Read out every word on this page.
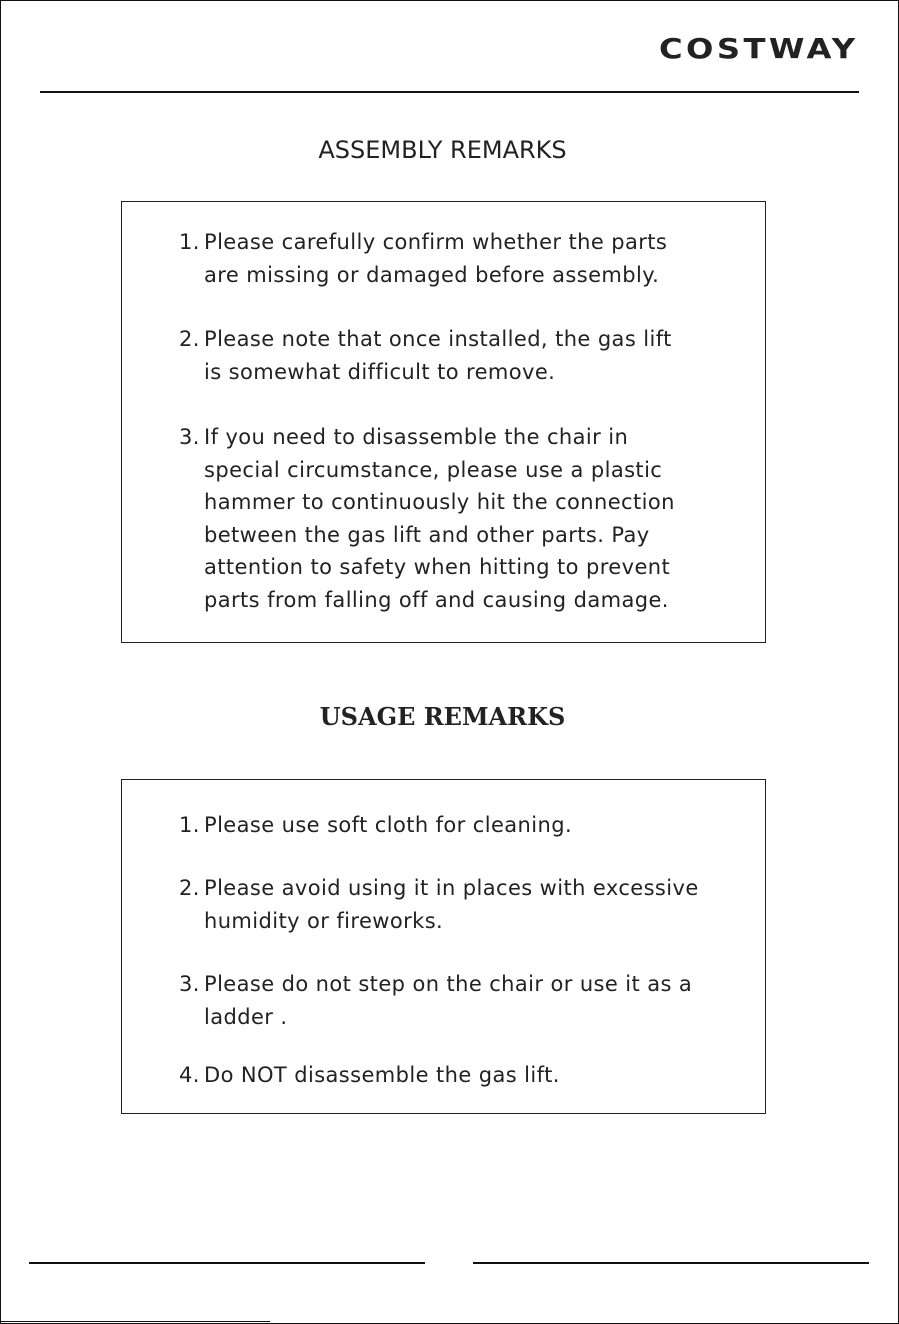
COSTWAY
ASSEMBLY REMARKS
1. Please carefully confirm whether the parts
are missing or damaged before assembly.
2. Please note that once installed, the gas lift
is somewhat difficult to remove.
3. If you need to disassemble the chair in
special circumstance, please use a plastic
hammer to continuously hit the connection
between the gas lift and other parts. Pay
attention to safety when hitting to prevent
parts from falling off and causing damage.
USAGE REMARKS
1. Please use soft cloth for cleaning.
2. Please avoid using it in places with excessive
humidity or fireworks.
3. Please do not step on the chair or use it as a
ladder .
4. Do NOT disassemble the gas lift.
